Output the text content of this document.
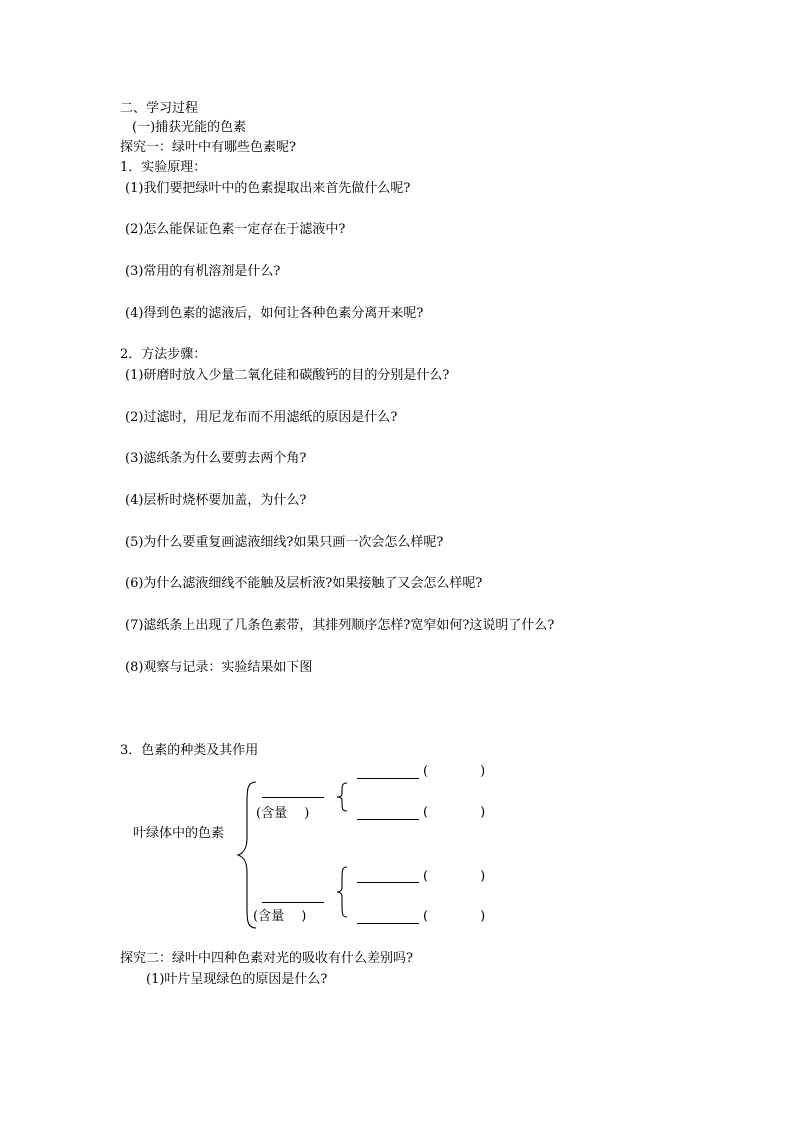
二、学习过程
(一)捕获光能的色素
探究一：绿叶中有哪些色素呢?
1．实验原理：
(1)我们要把绿叶中的色素提取出来首先做什么呢?
(2)怎么能保证色素一定存在于滤液中?
(3)常用的有机溶剂是什么?
(4)得到色素的滤液后，如何让各种色素分离开来呢?
2．方法步骤：
(1)研磨时放入少量二氧化硅和碳酸钙的目的分别是什么?
(2)过滤时，用尼龙布而不用滤纸的原因是什么?
(3)滤纸条为什么要剪去两个角?
(4)层析时烧杯要加盖，为什么?
(5)为什么要重复画滤液细线?如果只画一次会怎么样呢?
(6)为什么滤液细线不能触及层析液?如果接触了又会怎么样呢?
(7)滤纸条上出现了几条色素带，其排列顺序怎样?宽窄如何?这说明了什么?
(8)观察与记录：实验结果如下图
3．色素的种类及其作用
叶绿体中的色素
(含量　 )
(　　　　)
(　　　　)
(含量　 )
(　　　　)
(　　　　)
探究二：绿叶中四种色素对光的吸收有什么差别吗?
(1)叶片呈现绿色的原因是什么?
